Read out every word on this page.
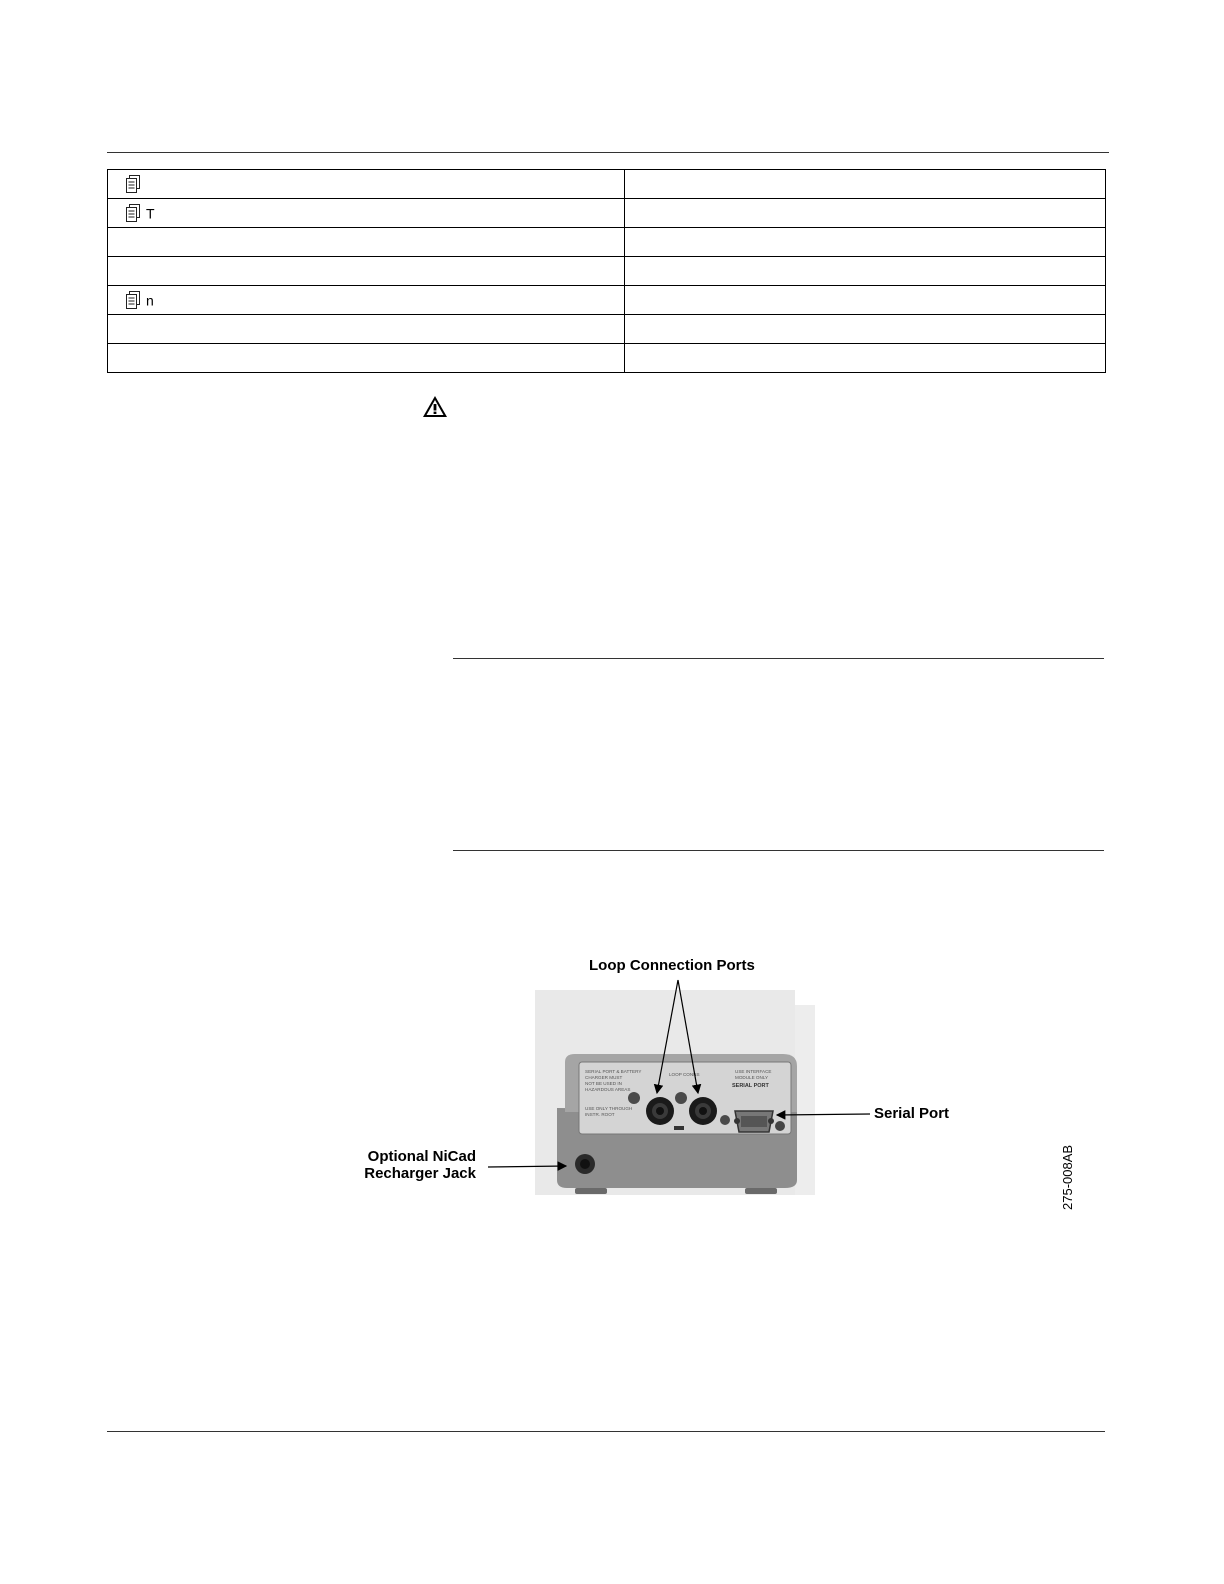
T	

n	

Loop Connection Ports
Serial Port
Optional NiCad
Recharger Jack	275-008AB
SERIAL PORT & BATTERY
CHARGER MUST
NOT BE USED IN
HAZARDOUS AREAS
USE ONLY THROUGH
INSTR. ROOT
LOOP CONNS
USE INTERFACE
MODULE ONLY
SERIAL PORT
